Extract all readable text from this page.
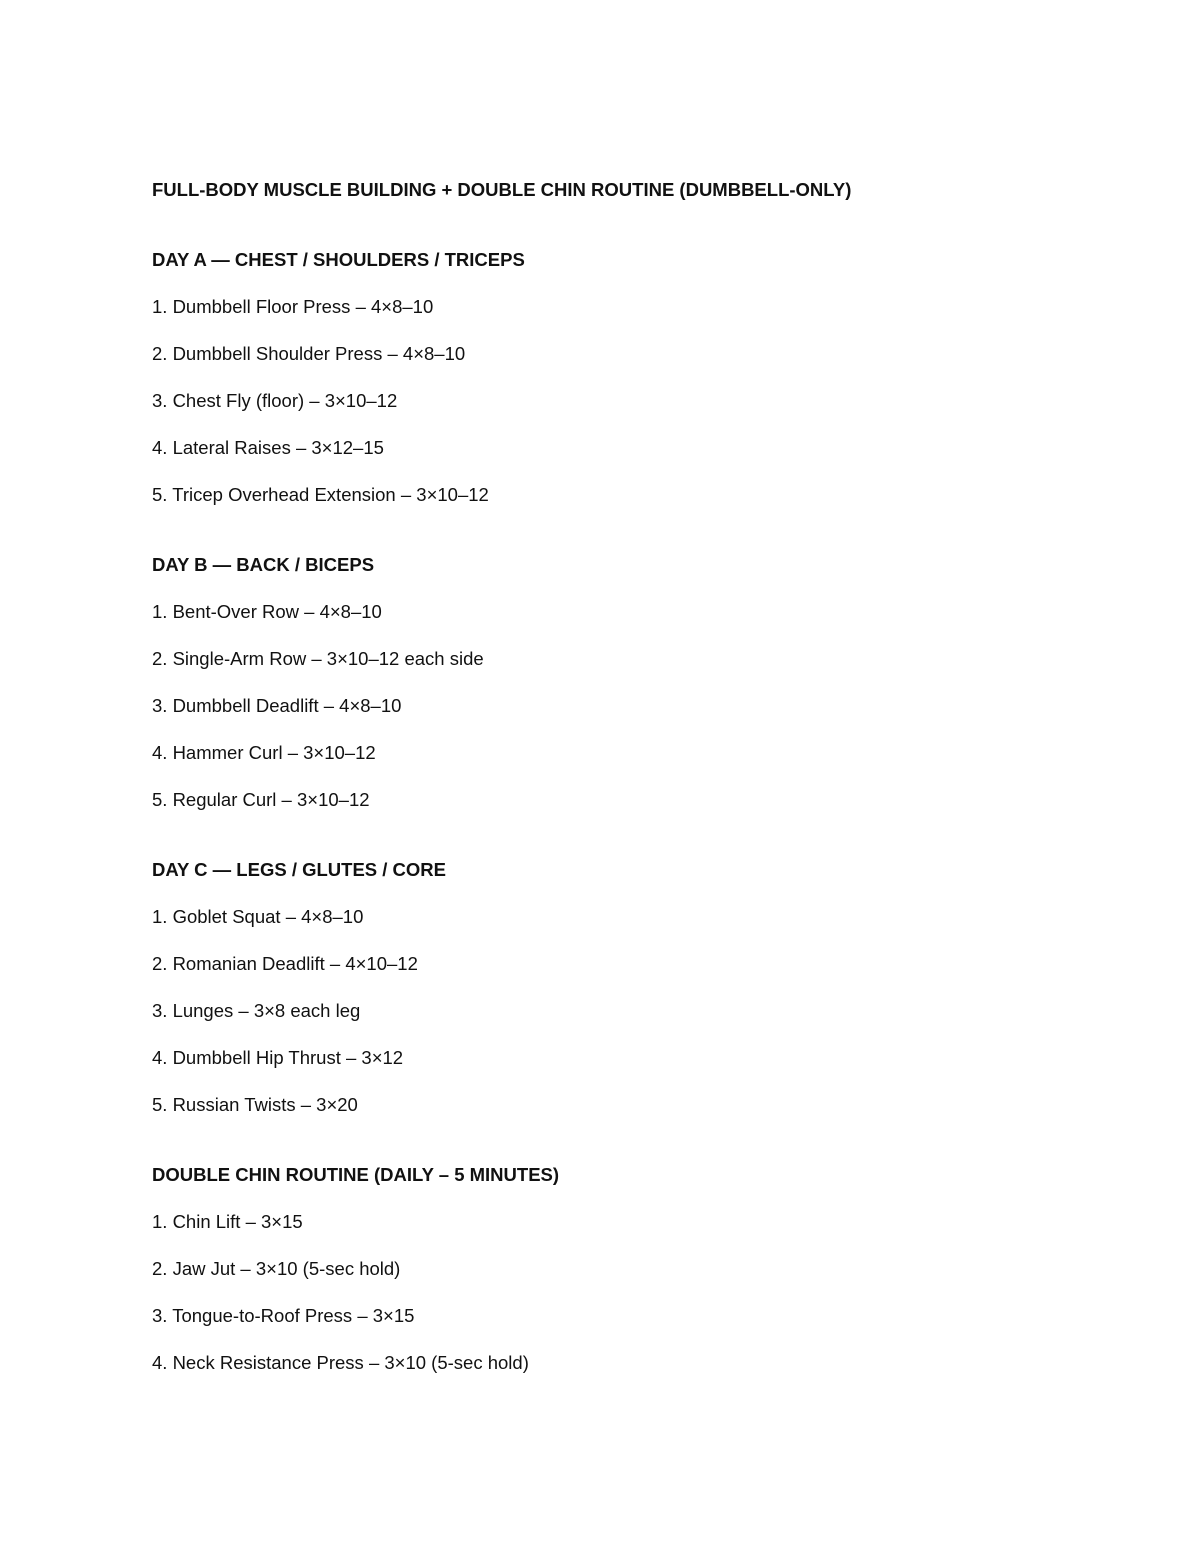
FULL-BODY MUSCLE BUILDING + DOUBLE CHIN ROUTINE (DUMBBELL-ONLY)
DAY A — CHEST / SHOULDERS / TRICEPS
1. Dumbbell Floor Press – 4×8–10
2. Dumbbell Shoulder Press – 4×8–10
3. Chest Fly (floor) – 3×10–12
4. Lateral Raises – 3×12–15
5. Tricep Overhead Extension – 3×10–12
DAY B — BACK / BICEPS
1. Bent-Over Row – 4×8–10
2. Single-Arm Row – 3×10–12 each side
3. Dumbbell Deadlift – 4×8–10
4. Hammer Curl – 3×10–12
5. Regular Curl – 3×10–12
DAY C — LEGS / GLUTES / CORE
1. Goblet Squat – 4×8–10
2. Romanian Deadlift – 4×10–12
3. Lunges – 3×8 each leg
4. Dumbbell Hip Thrust – 3×12
5. Russian Twists – 3×20
DOUBLE CHIN ROUTINE (DAILY – 5 MINUTES)
1. Chin Lift – 3×15
2. Jaw Jut – 3×10 (5-sec hold)
3. Tongue-to-Roof Press – 3×15
4. Neck Resistance Press – 3×10 (5-sec hold)
